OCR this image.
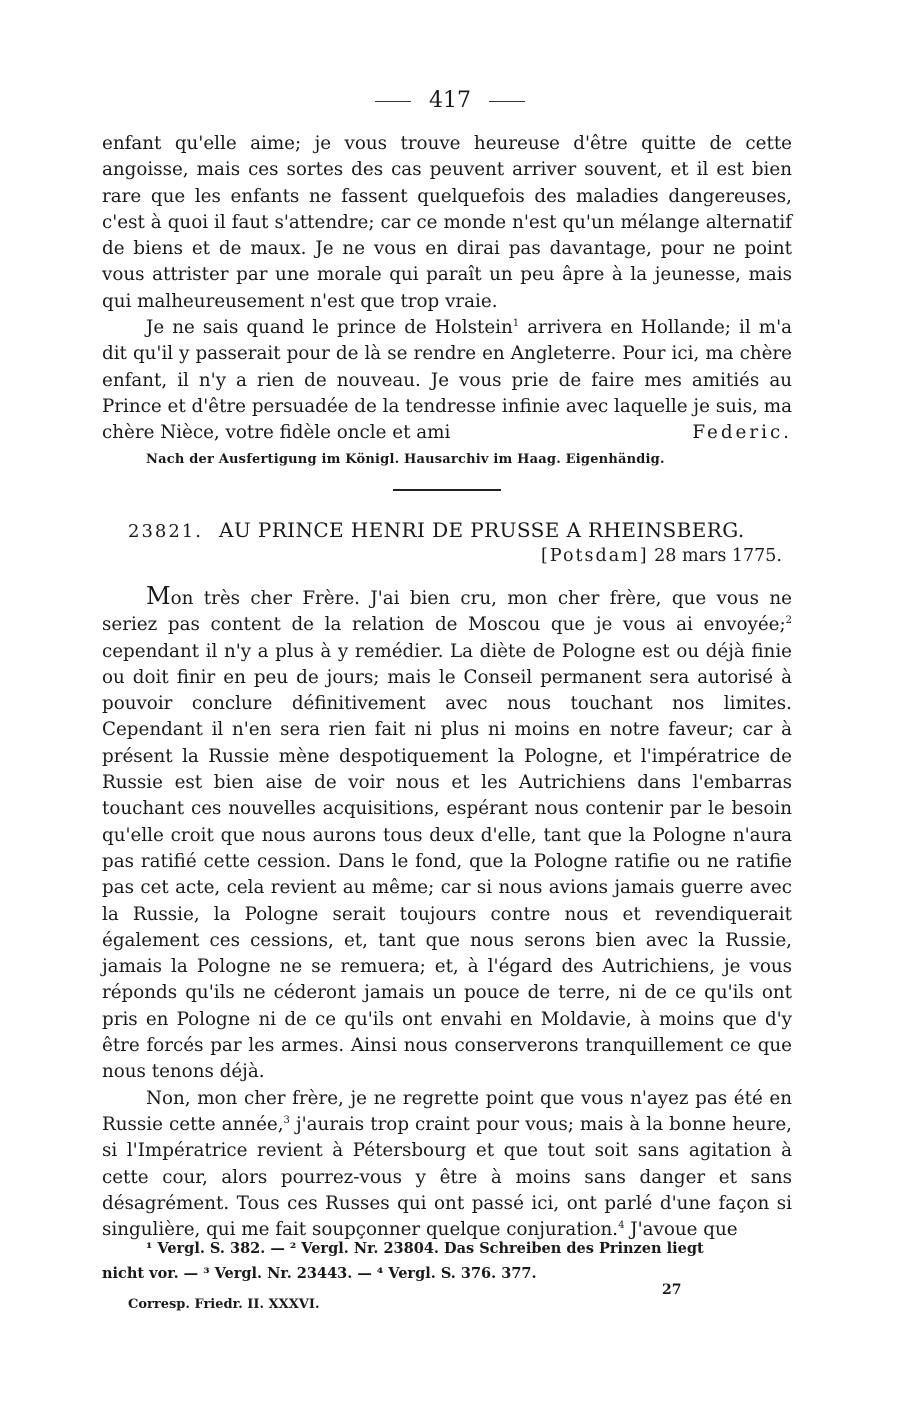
417

enfant qu'elle aime; je vous trouve heureuse d'être quitte de cette angoisse, mais ces sortes des cas peuvent arriver souvent, et il est bien rare que les enfants ne fassent quelquefois des maladies dangereuses, c'est à quoi il faut s'attendre; car ce monde n'est qu'un mélange alternatif de biens et de maux. Je ne vous en dirai pas davantage, pour ne point vous attrister par une morale qui paraît un peu âpre à la jeunesse, mais qui malheureusement n'est que trop vraie.

Je ne sais quand le prince de Holstein$^1$ arrivera en Hollande; il m'a dit qu'il y passerait pour de là se rendre en Angleterre. Pour ici, ma chère enfant, il n'y a rien de nouveau. Je vous prie de faire mes amitiés au Prince et d'être persuadée de la tendresse infinie avec laquelle je suis, ma chère Nièce, votre fidèle oncle et ami	Federic.

Nach der Ausfertigung im Königl. Hausarchiv im Haag. Eigenhändig.
23821. AU PRINCE HENRI DE PRUSSE A RHEINSBERG.
[Potsdam] 28 mars 1775.

Mon très cher Frère. J'ai bien cru, mon cher frère, que vous ne seriez pas content de la relation de Moscou que je vous ai envoyée;$^2$ cependant il n'y a plus à y remédier. La diète de Pologne est ou déjà finie ou doit finir en peu de jours; mais le Conseil permanent sera autorisé à pouvoir conclure définitivement avec nous touchant nos limites. Cependant il n'en sera rien fait ni plus ni moins en notre faveur; car à présent la Russie mène despotiquement la Pologne, et l'impératrice de Russie est bien aise de voir nous et les Autrichiens dans l'embarras touchant ces nouvelles acquisitions, espérant nous contenir par le besoin qu'elle croit que nous aurons tous deux d'elle, tant que la Pologne n'aura pas ratifié cette cession. Dans le fond, que la Pologne ratifie ou ne ratifie pas cet acte, cela revient au même; car si nous avions jamais guerre avec la Russie, la Pologne serait toujours contre nous et revendiquerait également ces cessions, et, tant que nous serons bien avec la Russie, jamais la Pologne ne se remuera; et, à l'égard des Autrichiens, je vous réponds qu'ils ne céderont jamais un pouce de terre, ni de ce qu'ils ont pris en Pologne ni de ce qu'ils ont envahi en Moldavie, à moins que d'y être forcés par les armes. Ainsi nous conserverons tranquillement ce que nous tenons déjà.

Non, mon cher frère, je ne regrette point que vous n'ayez pas été en Russie cette année,$^3$ j'aurais trop craint pour vous; mais à la bonne heure, si l'Impératrice revient à Pétersbourg et que tout soit sans agitation à cette cour, alors pourrez-vous y être à moins sans danger et sans désagrément. Tous ces Russes qui ont passé ici, ont parlé d'une façon si singulière, qui me fait soupçonner quelque conjuration.$^4$ J'avoue que

¹ Vergl. S. 382. — ² Vergl. Nr. 23804. Das Schreiben des Prinzen liegt

nicht vor. — ³ Vergl. Nr. 23443. — ⁴ Vergl. S. 376. 377.

27
Corresp. Friedr. II. XXXVI.
